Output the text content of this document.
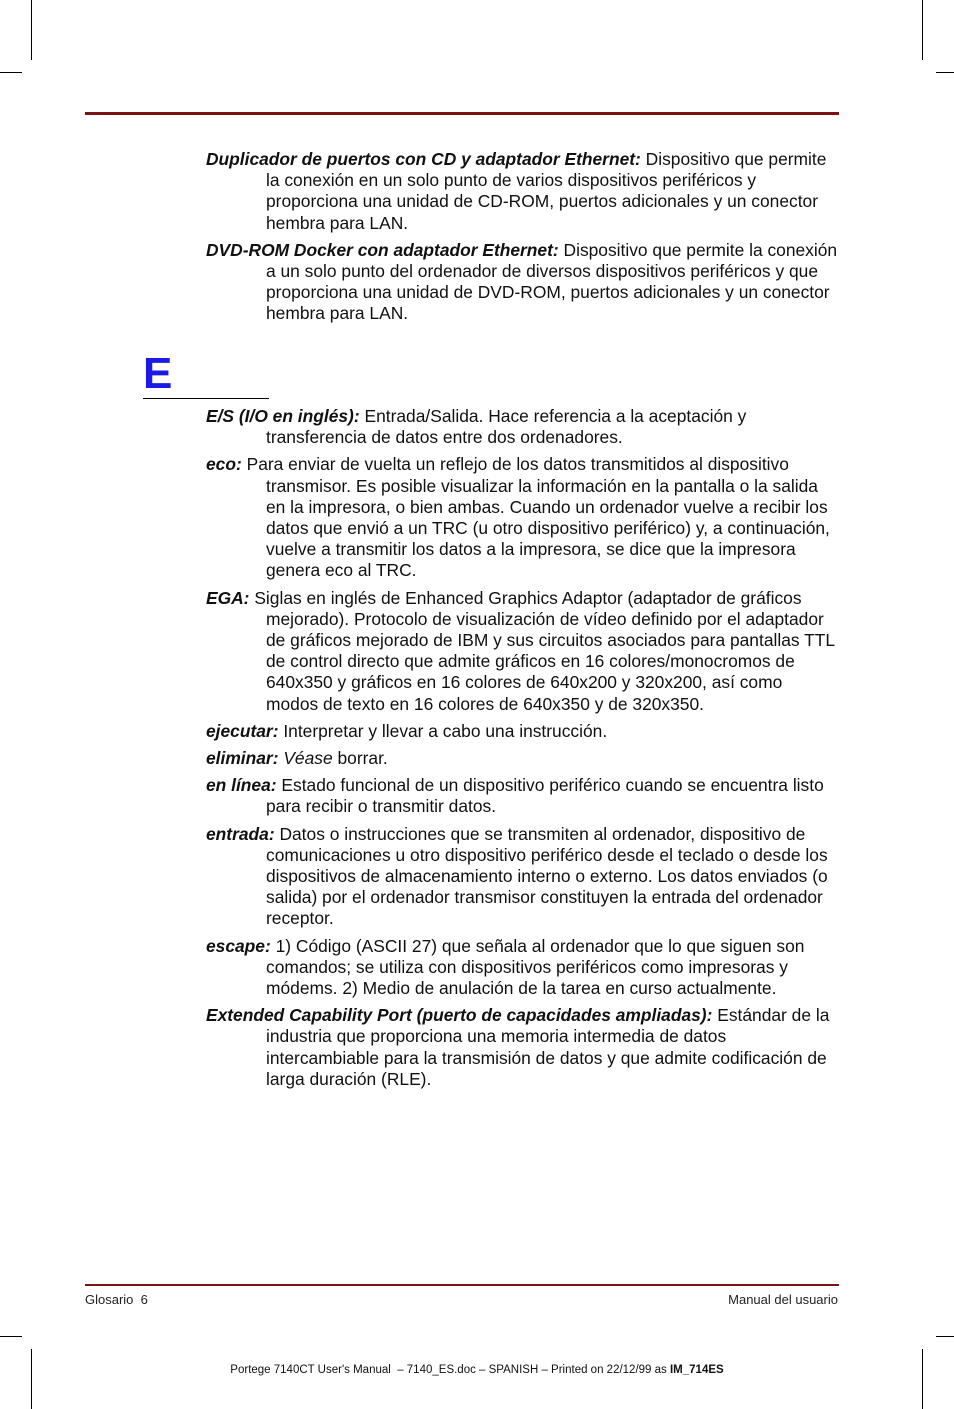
Duplicador de puertos con CD y adaptador Ethernet: Dispositivo que permite la conexión en un solo punto de varios dispositivos periféricos y proporciona una unidad de CD-ROM, puertos adicionales y un conector hembra para LAN.

DVD-ROM Docker con adaptador Ethernet: Dispositivo que permite la conexión a un solo punto del ordenador de diversos dispositivos periféricos y que proporciona una unidad de DVD-ROM, puertos adicionales y un conector hembra para LAN.

E

E/S (I/O en inglés): Entrada/Salida. Hace referencia a la aceptación y transferencia de datos entre dos ordenadores.

eco: Para enviar de vuelta un reflejo de los datos transmitidos al dispositivo transmisor. Es posible visualizar la información en la pantalla o la salida en la impresora, o bien ambas. Cuando un ordenador vuelve a recibir los datos que envió a un TRC (u otro dispositivo periférico) y, a continuación, vuelve a transmitir los datos a la impresora, se dice que la impresora genera eco al TRC.

EGA: Siglas en inglés de Enhanced Graphics Adaptor (adaptador de gráficos mejorado). Protocolo de visualización de vídeo definido por el adaptador de gráficos mejorado de IBM y sus circuitos asociados para pantallas TTL de control directo que admite gráficos en 16 colores/monocromos de 640x350 y gráficos en 16 colores de 640x200 y 320x200, así como modos de texto en 16 colores de 640x350 y de 320x350.

ejecutar: Interpretar y llevar a cabo una instrucción.

eliminar: Véase borrar.

en línea: Estado funcional de un dispositivo periférico cuando se encuentra listo para recibir o transmitir datos.

entrada: Datos o instrucciones que se transmiten al ordenador, dispositivo de comunicaciones u otro dispositivo periférico desde el teclado o desde los dispositivos de almacenamiento interno o externo. Los datos enviados (o salida) por el ordenador transmisor constituyen la entrada del ordenador receptor.

escape: 1) Código (ASCII 27) que señala al ordenador que lo que siguen son comandos; se utiliza con dispositivos periféricos como impresoras y módems. 2) Medio de anulación de la tarea en curso actualmente.

Extended Capability Port (puerto de capacidades ampliadas): Estándar de la industria que proporciona una memoria intermedia de datos intercambiable para la transmisión de datos y que admite codificación de larga duración (RLE).

Glosario  6	Manual del usuario
Portege 7140CT User's Manual  – 7140_ES.doc – SPANISH – Printed on 22/12/99 as IM_714ES
